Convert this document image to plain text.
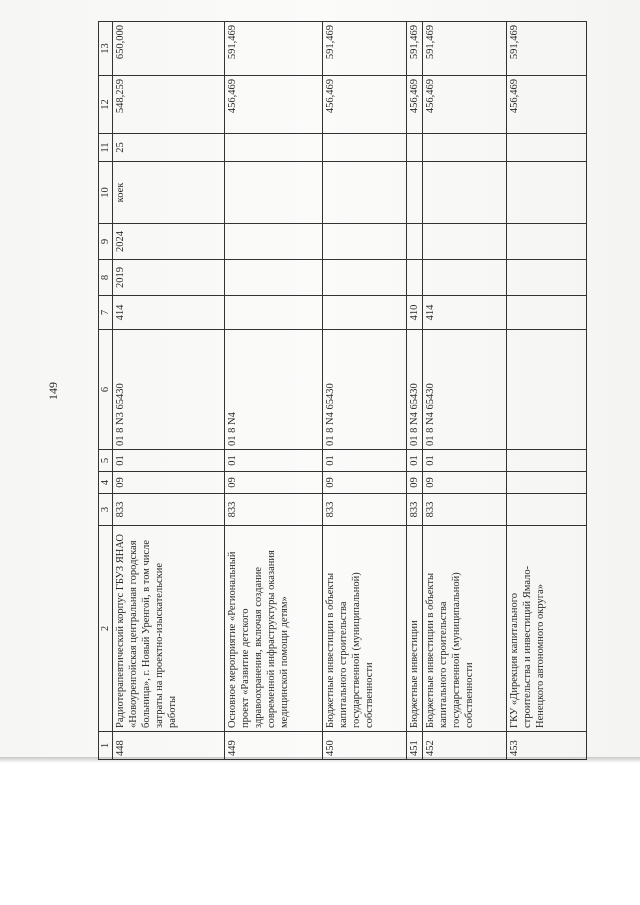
149
1	2	3	4	5	6	7	8	9	10	11	12	13
448	Радиотерапевтический корпус ГБУЗ ЯНАО «Новоуренгойская центральная городская больница», г. Новый Уренгой, в том числе затраты на проектно-изыскательские работы	833	09	01	01 8 N3 65430	414	2019	2024	коек	25	548,259	650,000
449	Основное мероприятие «Региональный проект «Развитие детского здравоохранения, включая создание современной инфраструктуры оказания медицинской помощи детям»	833	09	01	01 8 N4						456,469	591,469
450	Бюджетные инвестиции в объекты капитального строительства государственной (муниципальной) собственности	833	09	01	01 8 N4 65430						456,469	591,469
451	Бюджетные инвестиции	833	09	01	01 8 N4 65430	410					456,469	591,469
452	Бюджетные инвестиции в объекты капитального строительства государственной (муниципальной) собственности	833	09	01	01 8 N4 65430	414					456,469	591,469
453	ГКУ «Дирекция капитального строительства и инвестиций Ямало-Ненецкого автономного округа»										456,469	591,469
